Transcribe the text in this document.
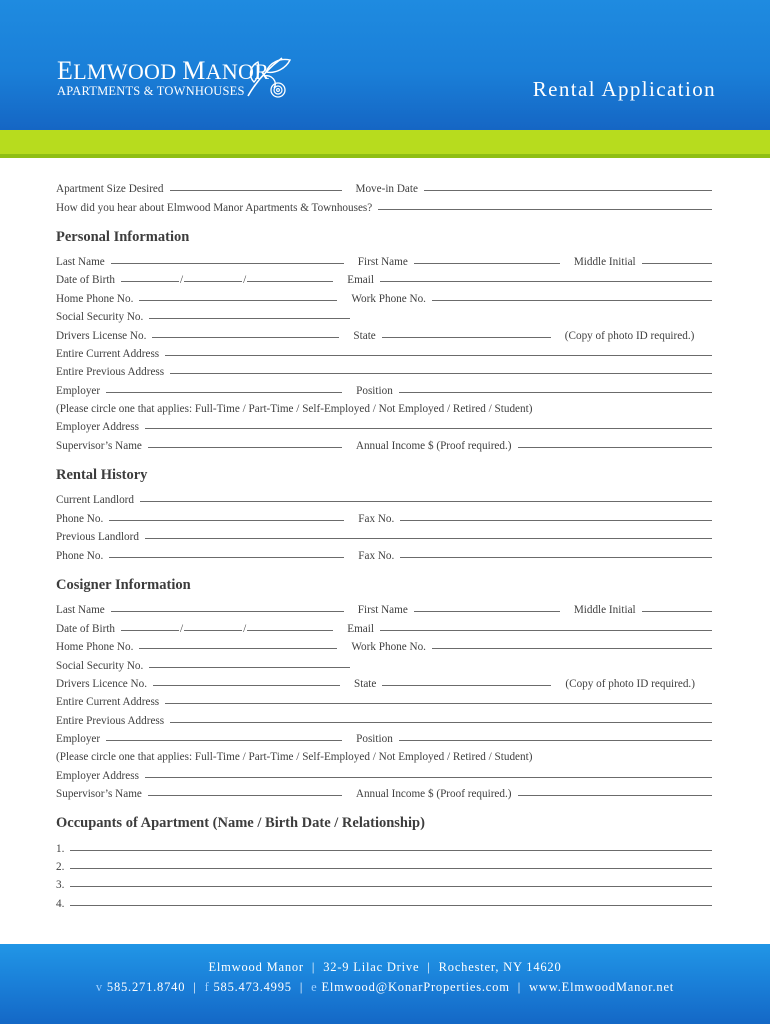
ELMWOOD MANOR
APARTMENTS & TOWNHOUSES	Rental Application
Apartment Size Desired	Move-in Date
How did you hear about Elmwood Manor Apartments & Townhouses?
Personal Information
Last Name	First Name	Middle Initial
Date of Birth	/	/	Email
Home Phone No.	Work Phone No.
Social Security No.
Drivers License No.	State	(Copy of photo ID required.)
Entire Current Address
Entire Previous Address
Employer	Position
(Please circle one that applies: Full-Time / Part-Time / Self-Employed / Not Employed / Retired / Student)
Employer Address
Supervisor’s Name	Annual Income $ (Proof required.)
Rental History
Current Landlord
Phone No.	Fax No.
Previous Landlord
Phone No.	Fax No.
Cosigner Information
Last Name	First Name	Middle Initial
Date of Birth	/	/	Email
Home Phone No.	Work Phone No.
Social Security No.
Drivers Licence No.	State	(Copy of photo ID required.)
Entire Current Address
Entire Previous Address
Employer	Position
(Please circle one that applies: Full-Time / Part-Time / Self-Employed / Not Employed / Retired / Student)
Employer Address
Supervisor’s Name	Annual Income $ (Proof required.)
Occupants of Apartment (Name / Birth Date / Relationship)
1.
2.
3.
4.
Elmwood Manor | 32-9 Lilac Drive | Rochester, NY 14620
v 585.271.8740 | f 585.473.4995 | e Elmwood@KonarProperties.com | www.ElmwoodManor.net
